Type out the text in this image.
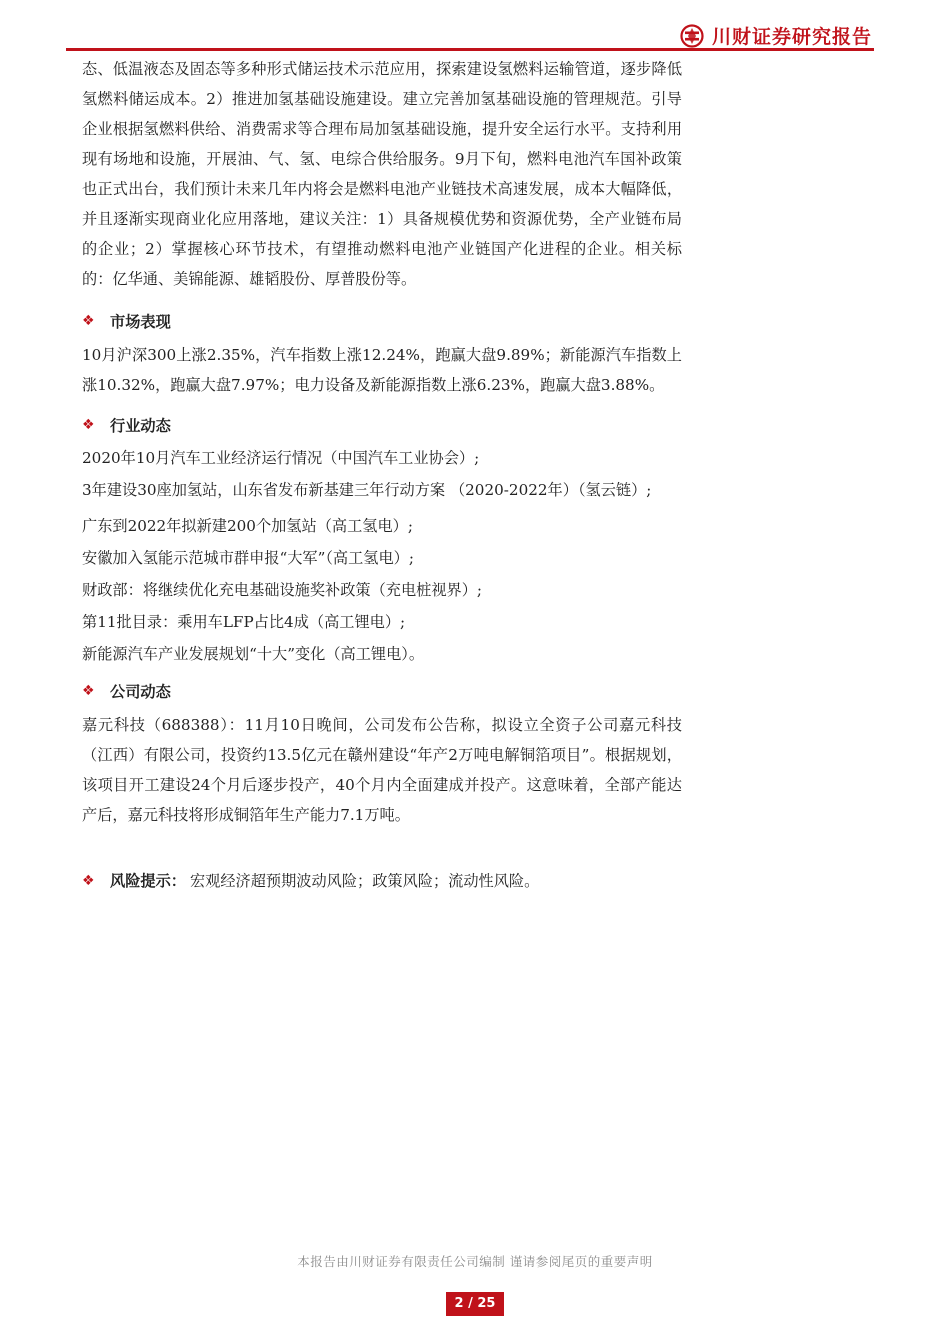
川财证券研究报告

态、低温液态及固态等多种形式储运技术示范应用，探索建设氢燃料运输管道，逐步降低氢燃料储运成本。2）推进加氢基础设施建设。建立完善加氢基础设施的管理规范。引导企业根据氢燃料供给、消费需求等合理布局加氢基础设施，提升安全运行水平。支持利用现有场地和设施，开展油、气、氢、电综合供给服务。9月下旬，燃料电池汽车国补政策也正式出台，我们预计未来几年内将会是燃料电池产业链技术高速发展，成本大幅降低，并且逐渐实现商业化应用落地，建议关注：1）具备规模优势和资源优势，全产业链布局的企业；2）掌握核心环节技术，有望推动燃料电池产业链国产化进程的企业。相关标的：亿华通、美锦能源、雄韬股份、厚普股份等。

❖	市场表现

10月沪深300上涨2.35%，汽车指数上涨12.24%，跑赢大盘9.89%；新能源汽车指数上涨10.32%，跑赢大盘7.97%；电力设备及新能源指数上涨6.23%，跑赢大盘3.88%。

❖	行业动态

2020年10月汽车工业经济运行情况（中国汽车工业协会）;

3年建设30座加氢站，山东省发布新基建三年行动方案 （2020-2022年）（氢云链）;

广东到2022年拟新建200个加氢站（高工氢电）;

安徽加入氢能示范城市群申报“大军”（高工氢电）;

财政部：将继续优化充电基础设施奖补政策（充电桩视界）;

第11批目录：乘用车LFP占比4成（高工锂电）;

新能源汽车产业发展规划“十大”变化（高工锂电）。

❖	公司动态

嘉元科技（688388）：11月10日晚间，公司发布公告称，拟设立全资子公司嘉元科技（江西）有限公司，投资约13.5亿元在赣州建设“年产2万吨电解铜箔项目”。根据规划，该项目开工建设24个月后逐步投产，40个月内全面建成并投产。这意味着，全部产能达产后，嘉元科技将形成铜箔年生产能力7.1万吨。

❖	风险提示： 宏观经济超预期波动风险；政策风险；流动性风险。
本报告由川财证券有限责任公司编制 谨请参阅尾页的重要声明
2 / 25
